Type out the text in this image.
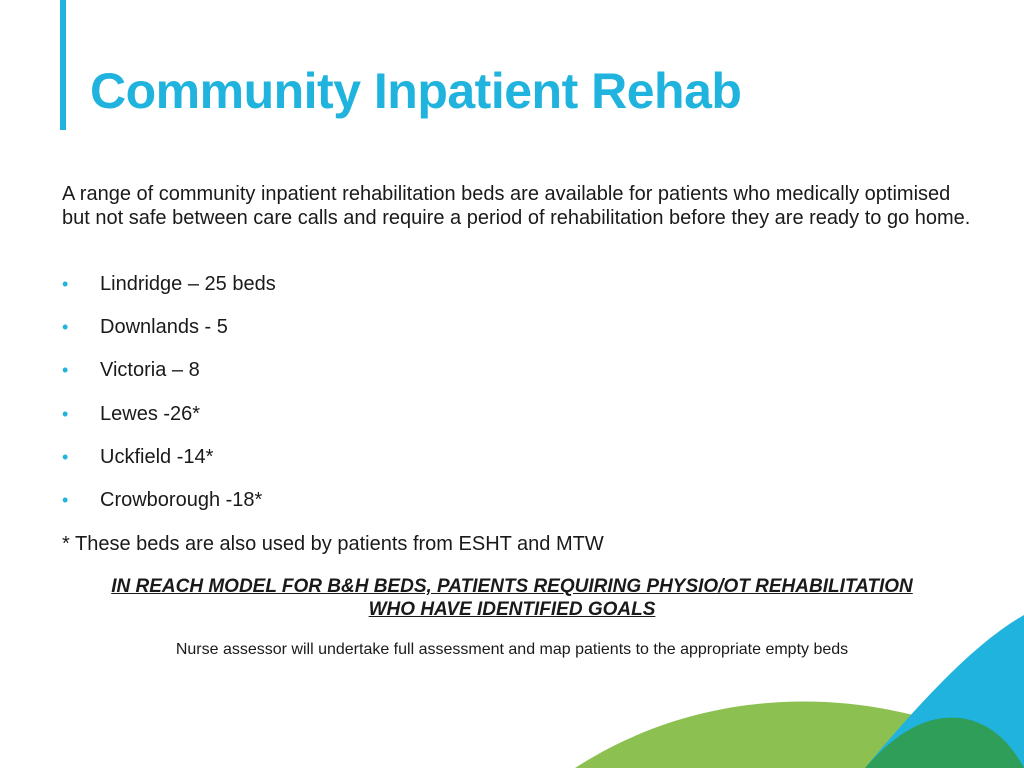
Community Inpatient Rehab

A range of community inpatient rehabilitation beds are available for patients who medically optimised but not safe between care calls and require a period of rehabilitation before they are ready to go home.

• Lindridge – 25 beds
• Downlands - 5
• Victoria – 8
• Lewes -26*
• Uckfield -14*
• Crowborough -18*

* These beds are also used by patients from ESHT and MTW

IN REACH MODEL FOR B&H BEDS, PATIENTS REQUIRING PHYSIO/OT REHABILITATION
WHO HAVE IDENTIFIED GOALS

Nurse assessor will undertake full assessment and map patients to the appropriate empty beds
